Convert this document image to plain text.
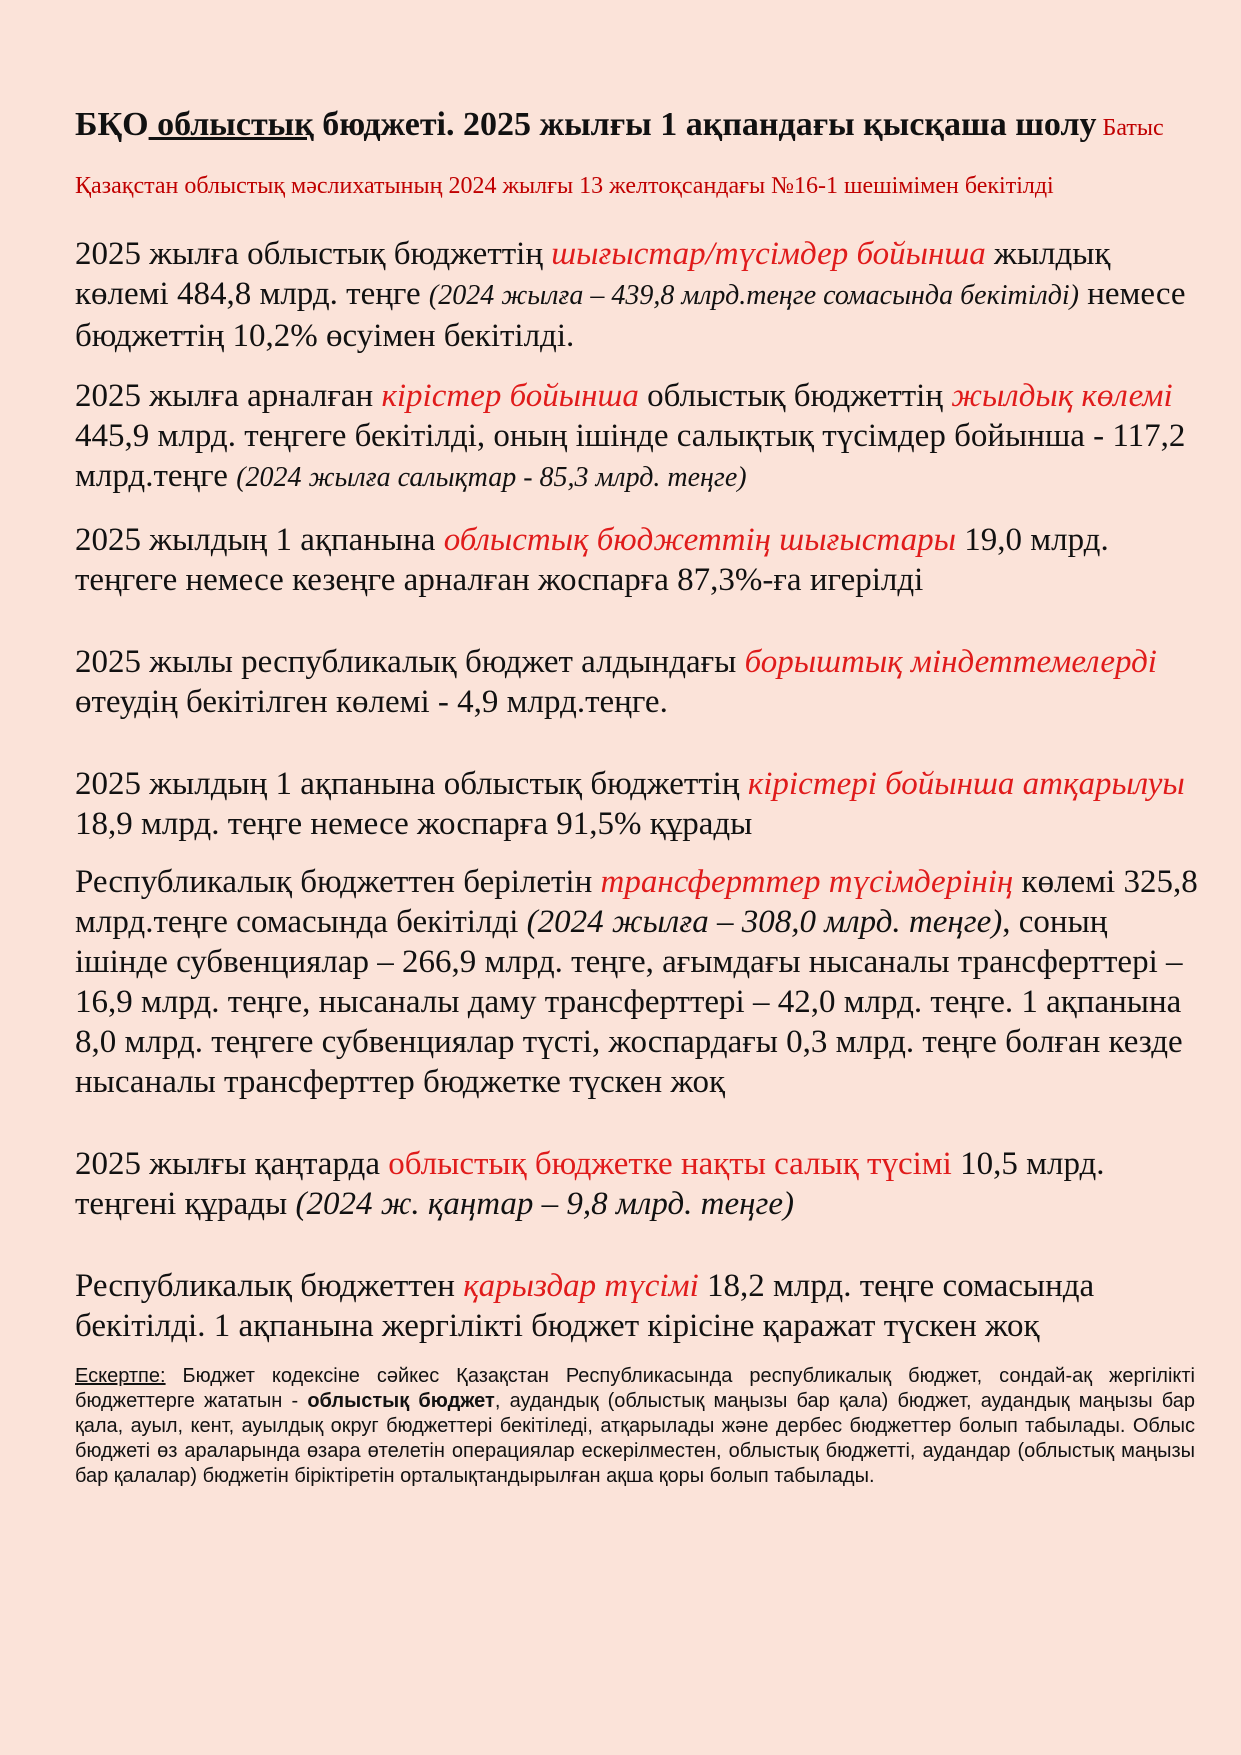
БҚО облыстық бюджеті. 2025 жылғы 1 ақпандағы қысқаша шолу Батыс Қазақстан облыстық мәслихатының 2024 жылғы 13 желтоқсандағы №16-1 шешімімен бекітілді

2025 жылға облыстық бюджеттің шығыстар/түсімдер бойынша жылдық көлемі 484,8 млрд. теңге (2024 жылға – 439,8 млрд.теңге сомасында бекітілді) немесе бюджеттің 10,2% өсуімен бекітілді.

2025 жылға арналған кірістер бойынша облыстық бюджеттің жылдық көлемі 445,9 млрд. теңгеге бекітілді, оның ішінде салықтық түсімдер бойынша - 117,2 млрд.теңге (2024 жылға салықтар - 85,3 млрд. теңге)

2025 жылдың 1 ақпанына облыстық бюджеттің шығыстары 19,0 млрд. теңгеге немесе кезеңге арналған жоспарға 87,3%-ға игерілді

2025 жылы республикалық бюджет алдындағы борыштық міндеттемелерді өтеудің бекітілген көлемі - 4,9 млрд.теңге.

2025 жылдың 1 ақпанына облыстық бюджеттің кірістері бойынша атқарылуы 18,9 млрд. теңге немесе жоспарға 91,5% құрады

Республикалық бюджеттен берілетін трансферттер түсімдерінің көлемі 325,8 млрд.теңге сомасында бекітілді (2024 жылға – 308,0 млрд. теңге), соның ішінде субвенциялар – 266,9 млрд. теңге, ағымдағы нысаналы трансферттері – 16,9 млрд. теңге, нысаналы даму трансферттері – 42,0 млрд. теңге. 1 ақпанына 8,0 млрд. теңгеге субвенциялар түсті, жоспардағы 0,3 млрд. теңге болған кезде нысаналы трансферттер бюджетке түскен жоқ

2025 жылғы қаңтарда облыстық бюджетке нақты салық түсімі 10,5 млрд. теңгені құрады (2024 ж. қаңтар – 9,8 млрд. теңге)

Республикалық бюджеттен қарыздар түсімі 18,2 млрд. теңге сомасында бекітілді. 1 ақпанына жергілікті бюджет кірісіне қаражат түскен жоқ

Ескертпе: Бюджет кодексіне сәйкес Қазақстан Республикасында республикалық бюджет, сондай-ақ жергілікті бюджеттерге жататын - облыстық бюджет, аудандық (облыстық маңызы бар қала) бюджет, аудандық маңызы бар қала, ауыл, кент, ауылдық округ бюджеттері бекітіледі, атқарылады және дербес бюджеттер болып табылады. Облыс бюджеті өз араларында өзара өтелетін операциялар ескерілместен, облыстық бюджетті, аудандар (облыстық маңызы бар қалалар) бюджетін біріктіретін орталықтандырылған ақша қоры болып табылады.
